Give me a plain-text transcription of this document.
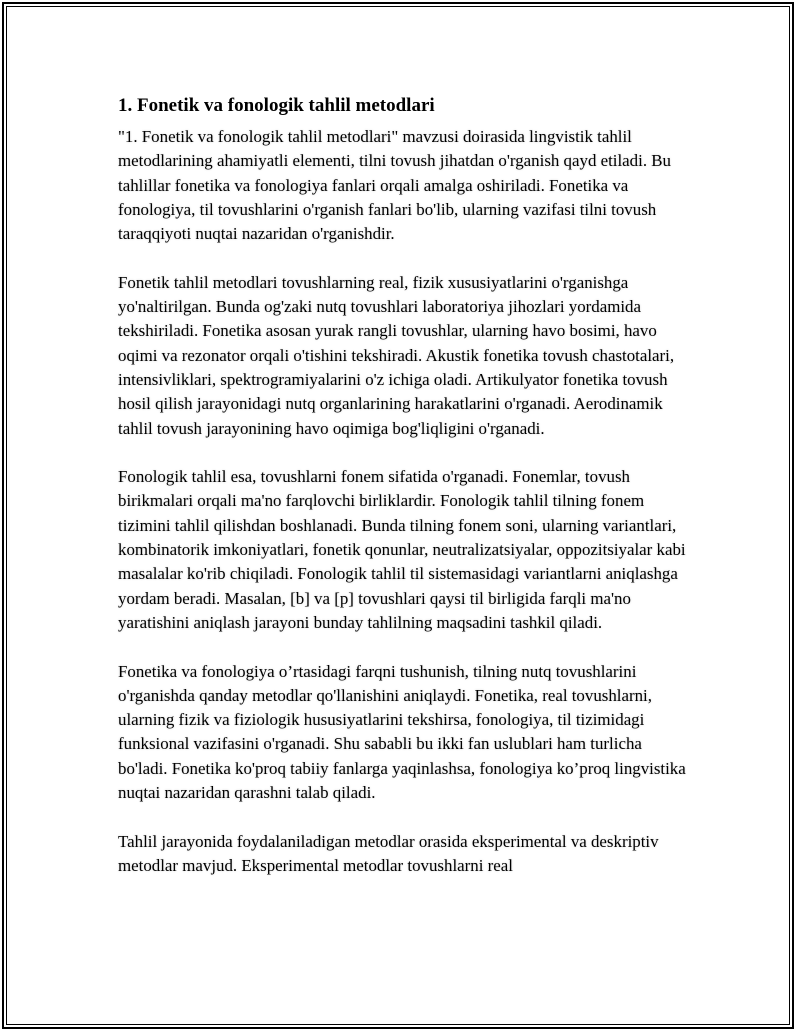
1. Fonetik va fonologik tahlil metodlari

"1. Fonetik va fonologik tahlil metodlari" mavzusi doirasida lingvistik tahlil metodlarining ahamiyatli elementi, tilni tovush jihatdan o'rganish qayd etiladi. Bu tahlillar fonetika va fonologiya fanlari orqali amalga oshiriladi. Fonetika va fonologiya, til tovushlarini o'rganish fanlari bo'lib, ularning vazifasi tilni tovush taraqqiyoti nuqtai nazaridan o'rganishdir.

Fonetik tahlil metodlari tovushlarning real, fizik xususiyatlarini o'rganishga yo'naltirilgan. Bunda og'zaki nutq tovushlari laboratoriya jihozlari yordamida tekshiriladi. Fonetika asosan yurak rangli tovushlar, ularning havo bosimi, havo oqimi va rezonator orqali o'tishini tekshiradi. Akustik fonetika tovush chastotalari, intensivliklari, spektrogramiyalarini o'z ichiga oladi. Artikulyator fonetika tovush hosil qilish jarayonidagi nutq organlarining harakatlarini o'rganadi. Aerodinamik tahlil tovush jarayonining havo oqimiga bog'liqligini o'rganadi.

Fonologik tahlil esa, tovushlarni fonem sifatida o'rganadi. Fonemlar, tovush birikmalari orqali ma'no farqlovchi birliklardir. Fonologik tahlil tilning fonem tizimini tahlil qilishdan boshlanadi. Bunda tilning fonem soni, ularning variantlari, kombinatorik imkoniyatlari, fonetik qonunlar, neutralizatsiyalar, oppozitsiyalar kabi masalalar ko'rib chiqiladi. Fonologik tahlil til sistemasidagi variantlarni aniqlashga yordam beradi. Masalan, [b] va [p] tovushlari qaysi til birligida farqli ma'no yaratishini aniqlash jarayoni bunday tahlilning maqsadini tashkil qiladi.

Fonetika va fonologiya o’rtasidagi farqni tushunish, tilning nutq tovushlarini o'rganishda qanday metodlar qo'llanishini aniqlaydi. Fonetika, real tovushlarni, ularning fizik va fiziologik hususiyatlarini tekshirsa, fonologiya, til tizimidagi funksional vazifasini o'rganadi. Shu sababli bu ikki fan uslublari ham turlicha bo'ladi. Fonetika ko'proq tabiiy fanlarga yaqinlashsa, fonologiya ko’proq lingvistika nuqtai nazaridan qarashni talab qiladi.

Tahlil jarayonida foydalaniladigan metodlar orasida eksperimental va deskriptiv metodlar mavjud. Eksperimental metodlar tovushlarni real
